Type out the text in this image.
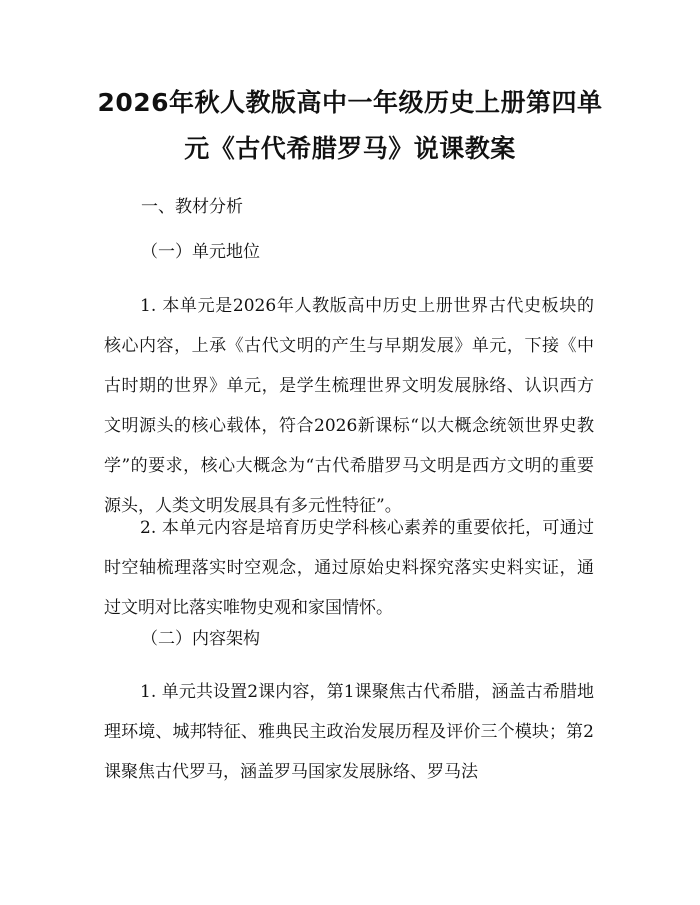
2026年秋人教版高中一年级历史上册第四单
元《古代希腊罗马》说课教案
一、教材分析
（一）单元地位
1. 本单元是2026年人教版高中历史上册世界古代史板块的核心内容，上承《古代文明的产生与早期发展》单元，下接《中古时期的世界》单元，是学生梳理世界文明发展脉络、认识西方文明源头的核心载体，符合2026新课标“以大概念统领世界史教学”的要求，核心大概念为“古代希腊罗马文明是西方文明的重要源头，人类文明发展具有多元性特征”。
2. 本单元内容是培育历史学科核心素养的重要依托，可通过时空轴梳理落实时空观念，通过原始史料探究落实史料实证，通过文明对比落实唯物史观和家国情怀。
（二）内容架构
1. 单元共设置2课内容，第1课聚焦古代希腊，涵盖古希腊地理环境、城邦特征、雅典民主政治发展历程及评价三个模块；第2课聚焦古代罗马，涵盖罗马国家发展脉络、罗马法
